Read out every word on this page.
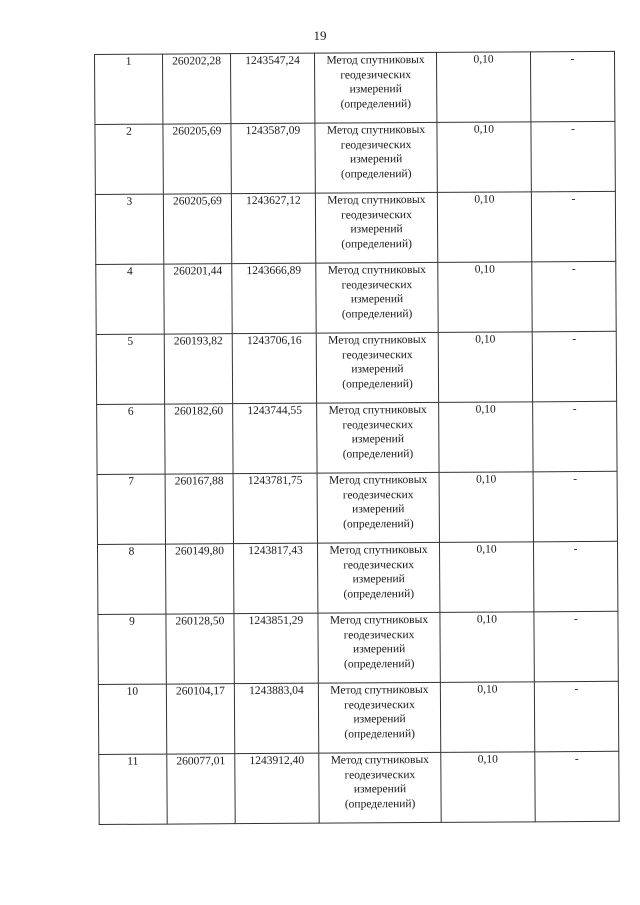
19
1	260202,28	1243547,24	Метод спутниковых
геодезических
измерений
(определений)	0,10	-
2	260205,69	1243587,09	Метод спутниковых
геодезических
измерений
(определений)	0,10	-
3	260205,69	1243627,12	Метод спутниковых
геодезических
измерений
(определений)	0,10	-
4	260201,44	1243666,89	Метод спутниковых
геодезических
измерений
(определений)	0,10	-
5	260193,82	1243706,16	Метод спутниковых
геодезических
измерений
(определений)	0,10	-
6	260182,60	1243744,55	Метод спутниковых
геодезических
измерений
(определений)	0,10	-
7	260167,88	1243781,75	Метод спутниковых
геодезических
измерений
(определений)	0,10	-
8	260149,80	1243817,43	Метод спутниковых
геодезических
измерений
(определений)	0,10	-
9	260128,50	1243851,29	Метод спутниковых
геодезических
измерений
(определений)	0,10	-
10	260104,17	1243883,04	Метод спутниковых
геодезических
измерений
(определений)	0,10	-
11	260077,01	1243912,40	Метод спутниковых
геодезических
измерений
(определений)	0,10	-
